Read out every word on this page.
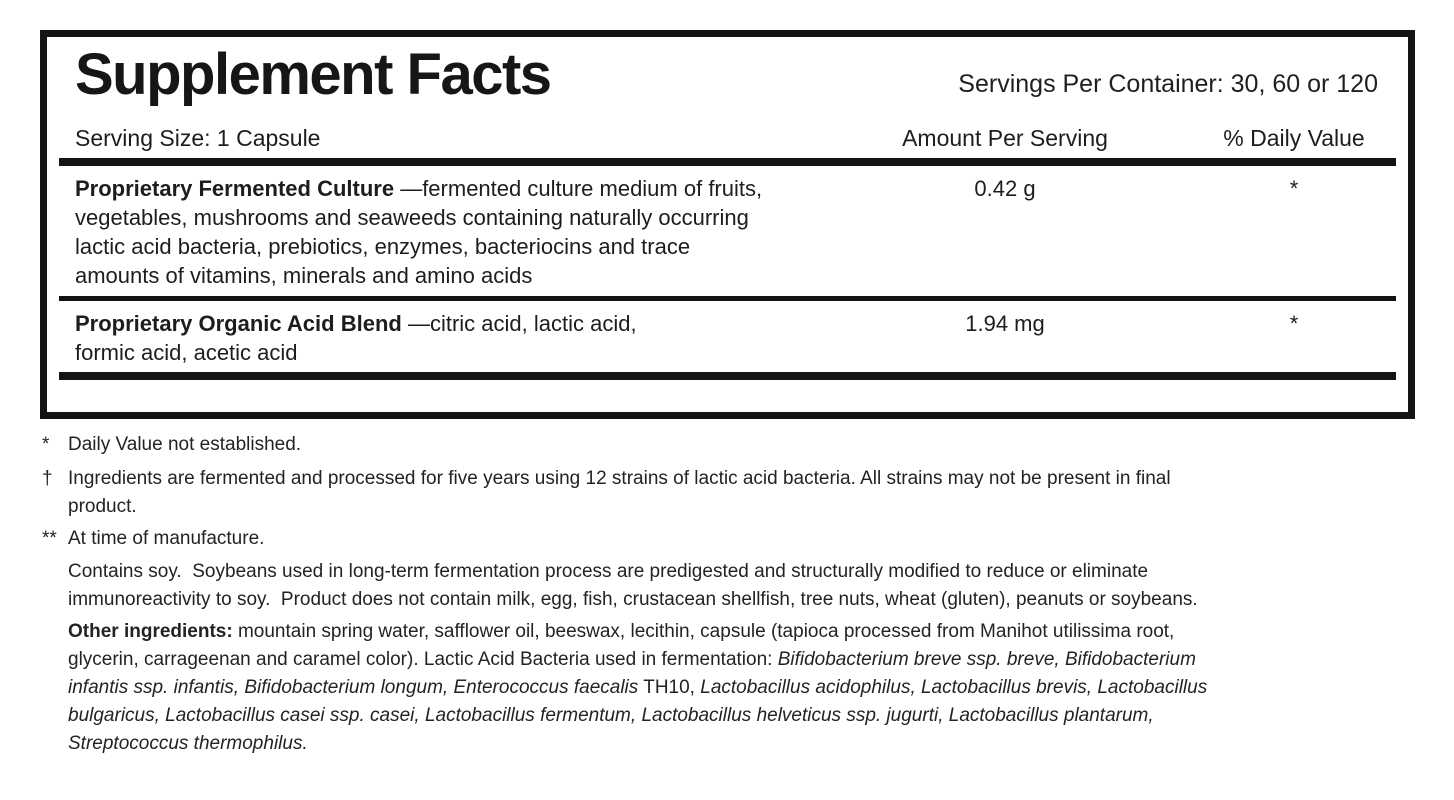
Supplement Facts	Servings Per Container: 30, 60 or 120
Serving Size: 1 Capsule	Amount Per Serving	% Daily Value
Proprietary Fermented Culture —fermented culture medium of fruits,
vegetables, mushrooms and seaweeds containing naturally occurring
lactic acid bacteria, prebiotics, enzymes, bacteriocins and trace
amounts of vitamins, minerals and amino acids
0.42 g	*
Proprietary Organic Acid Blend —citric acid, lactic acid,
formic acid, acetic acid
1.94 mg	*
* Daily Value not established.
† Ingredients are fermented and processed for five years using 12 strains of lactic acid bacteria. All strains may not be present in final
product.
** At time of manufacture.
Contains soy.  Soybeans used in long-term fermentation process are predigested and structurally modified to reduce or eliminate
immunoreactivity to soy.  Product does not contain milk, egg, fish, crustacean shellfish, tree nuts, wheat (gluten), peanuts or soybeans.
Other ingredients: mountain spring water, safflower oil, beeswax, lecithin, capsule (tapioca processed from Manihot utilissima root,
glycerin, carrageenan and caramel color). Lactic Acid Bacteria used in fermentation: Bifidobacterium breve ssp. breve, Bifidobacterium
infantis ssp. infantis, Bifidobacterium longum, Enterococcus faecalis TH10, Lactobacillus acidophilus, Lactobacillus brevis, Lactobacillus
bulgaricus, Lactobacillus casei ssp. casei, Lactobacillus fermentum, Lactobacillus helveticus ssp. jugurti, Lactobacillus plantarum,
Streptococcus thermophilus.
